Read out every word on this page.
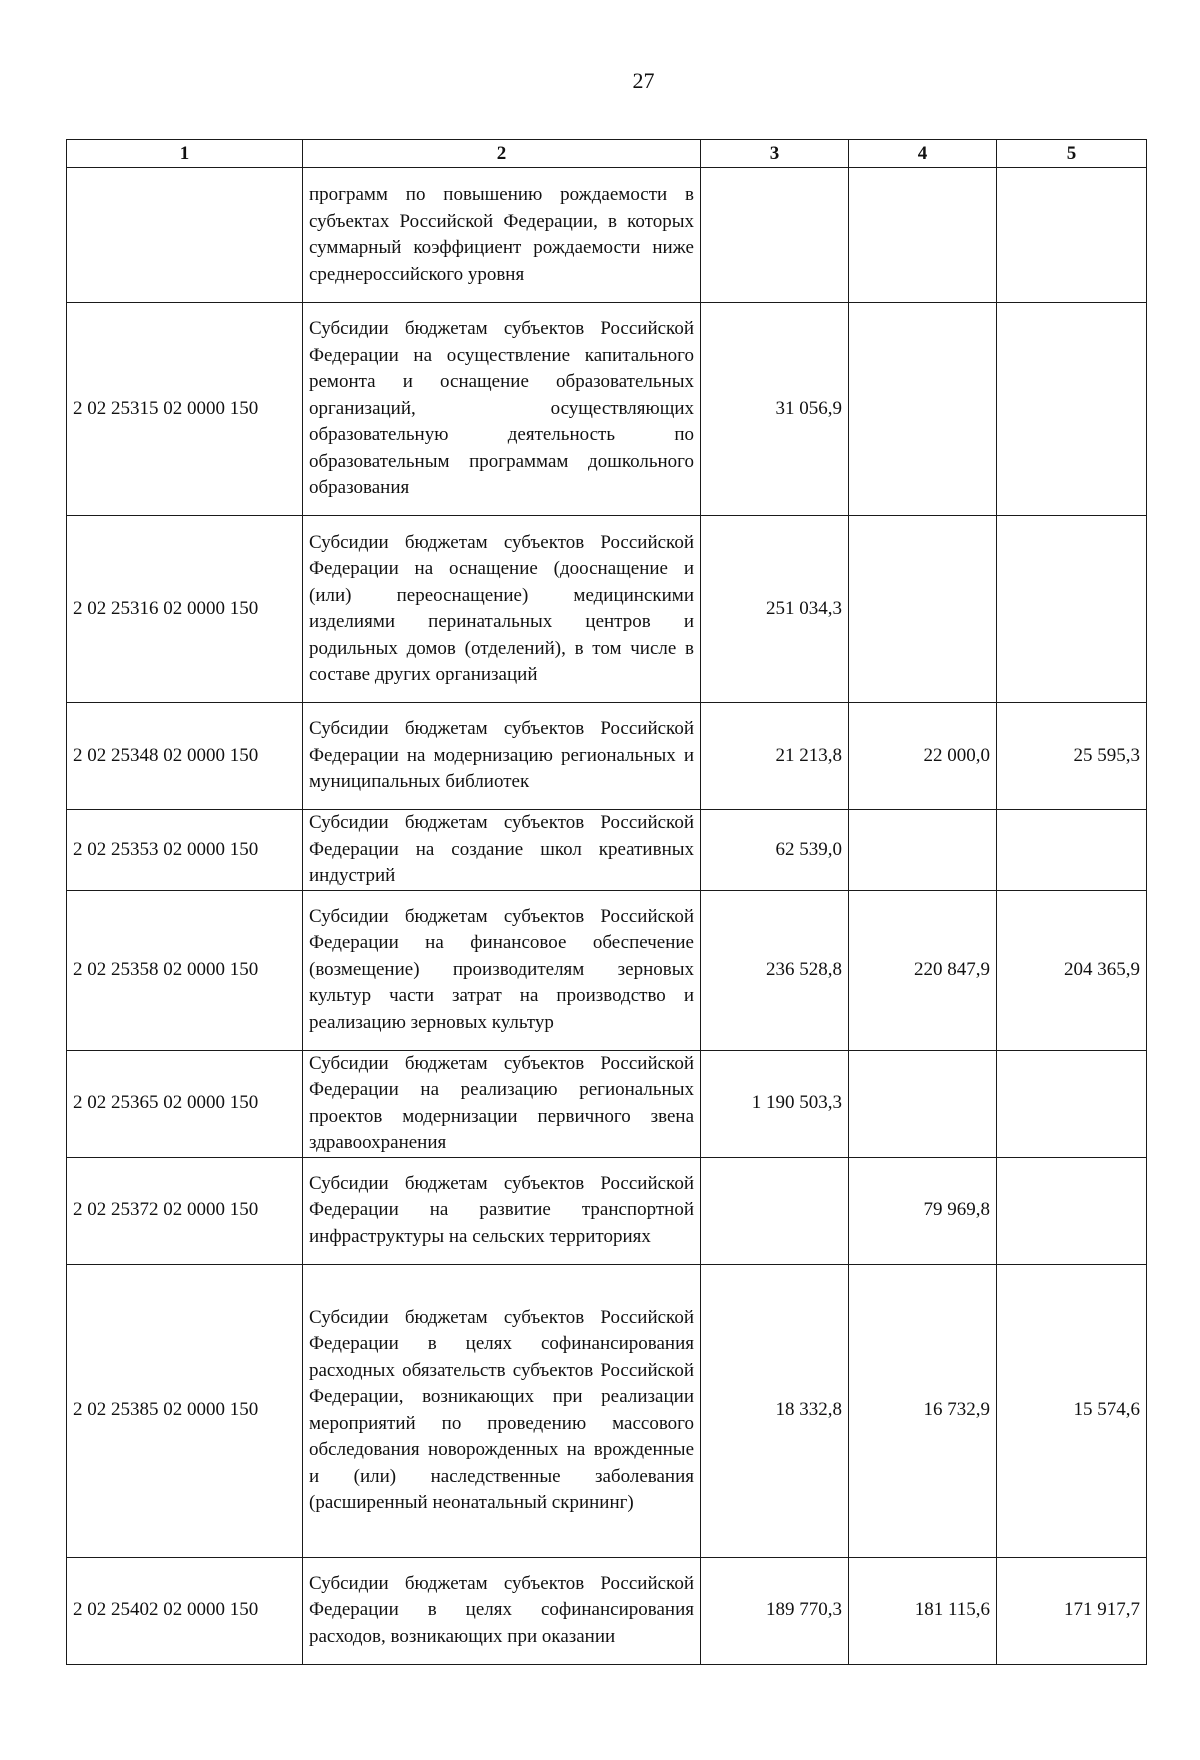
27
1	2	3	4	5
	программ по повышению рождаемости в субъектах Российской Федерации, в которых суммарный коэффициент рождаемости ниже среднероссийского уровня			
2 02 25315 02 0000 150	Субсидии бюджетам субъектов Российской Федерации на осуществление капитального ремонта и оснащение образовательных организаций, осуществляющих образовательную деятельность по образовательным программам дошкольного образования	31 056,9		
2 02 25316 02 0000 150	Субсидии бюджетам субъектов Российской Федерации на оснащение (дооснащение и (или) переоснащение) медицинскими изделиями перинатальных центров и родильных домов (отделений), в том числе в составе других организаций	251 034,3		
2 02 25348 02 0000 150	Субсидии бюджетам субъектов Российской Федерации на модернизацию региональных и муниципальных библиотек	21 213,8	22 000,0	25 595,3
2 02 25353 02 0000 150	Субсидии бюджетам субъектов Российской Федерации на создание школ креативных индустрий	62 539,0		
2 02 25358 02 0000 150	Субсидии бюджетам субъектов Российской Федерации на финансовое обеспечение (возмещение) производителям зерновых культур части затрат на производство и реализацию зерновых культур	236 528,8	220 847,9	204 365,9
2 02 25365 02 0000 150	Субсидии бюджетам субъектов Российской Федерации на реализацию региональных проектов модернизации первичного звена здравоохранения	1 190 503,3		
2 02 25372 02 0000 150	Субсидии бюджетам субъектов Российской Федерации на развитие транспортной инфраструктуры на сельских территориях		79 969,8	
2 02 25385 02 0000 150	Субсидии бюджетам субъектов Российской Федерации в целях софинансирования расходных обязательств субъектов Российской Федерации, возникающих при реализации мероприятий по проведению массового обследования новорожденных на врожденные и (или) наследственные заболевания (расширенный неонатальный скрининг)	18 332,8	16 732,9	15 574,6
2 02 25402 02 0000 150	Субсидии бюджетам субъектов Российской Федерации в целях софинансирования расходов, возникающих при оказании	189 770,3	181 115,6	171 917,7
